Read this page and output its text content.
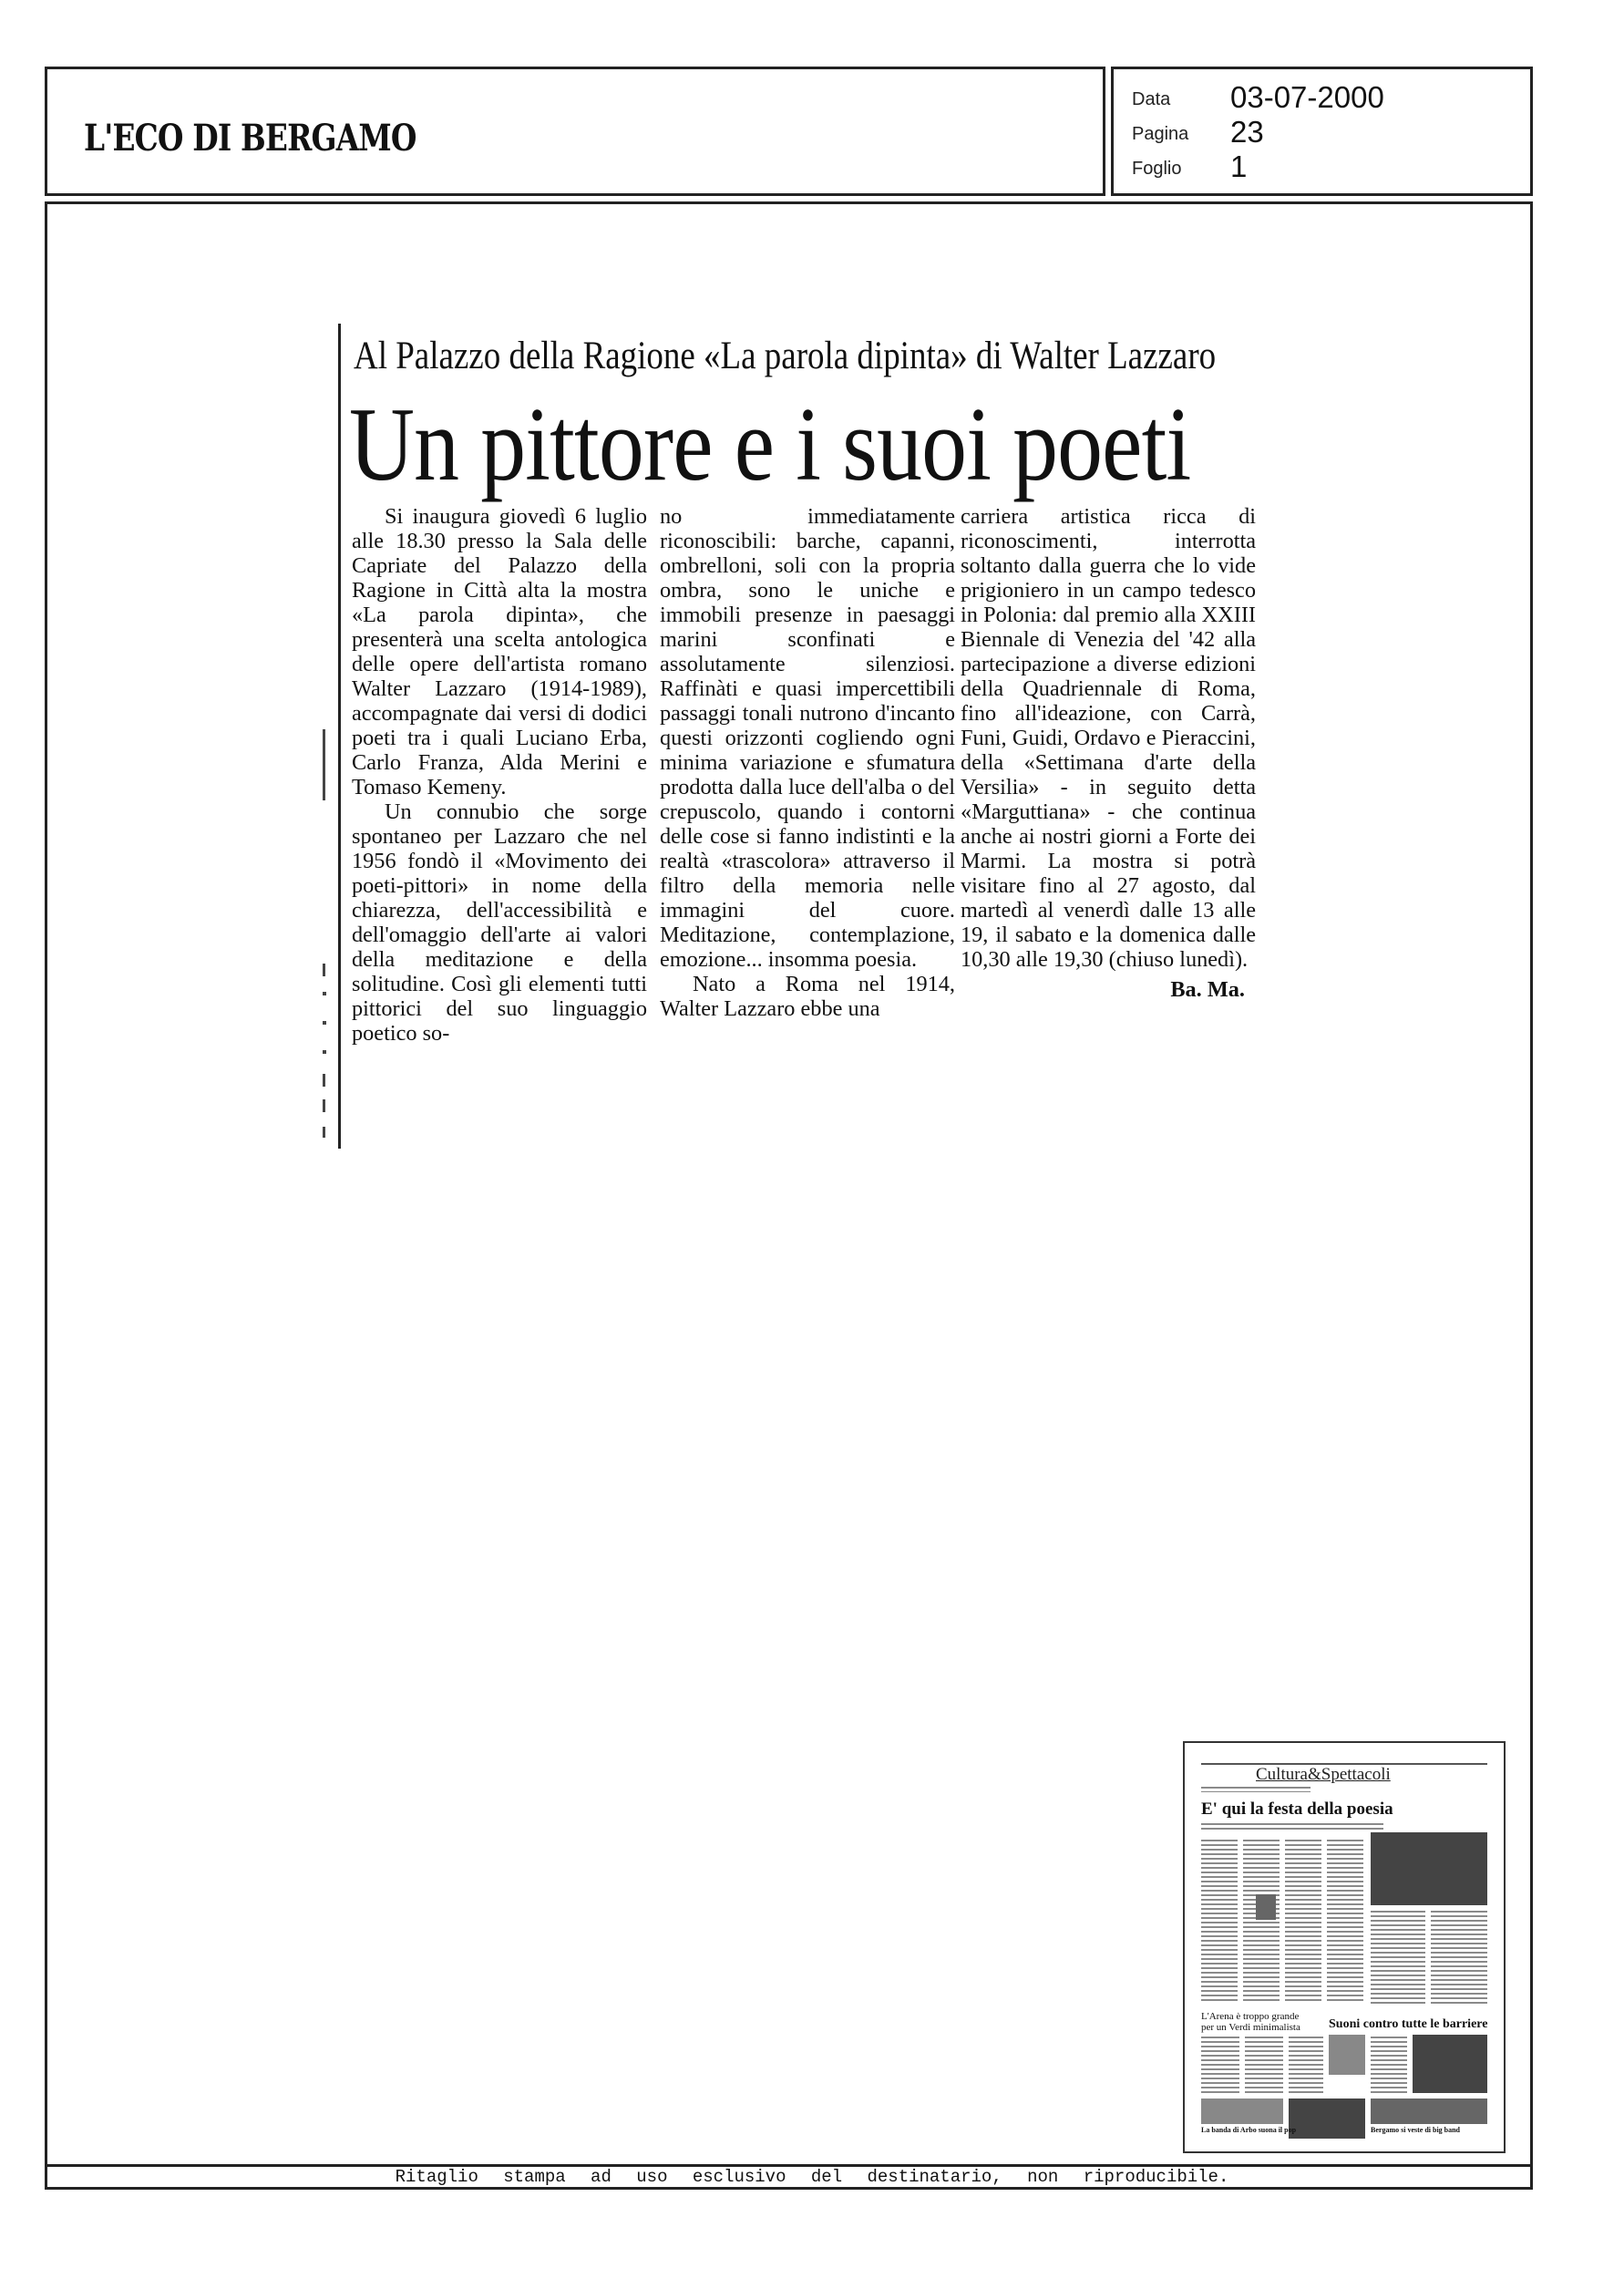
L'ECO DI BERGAMO
Data	03-07-2000
Pagina	23
Foglio	1
Al Palazzo della Ragione «La parola dipinta» di Walter Lazzaro
Un pittore e i suoi poeti

Si inaugura giovedì 6 luglio alle 18.30 presso la Sala delle Capriate del Palazzo della Ragione in Città alta la mostra «La parola dipinta», che presenterà una scelta antologica delle opere dell'artista romano Walter Lazzaro (1914-1989), accompagnate dai versi di dodici poeti tra i quali Luciano Erba, Carlo Franza, Alda Merini e Tomaso Kemeny.

Un connubio che sorge spontaneo per Lazzaro che nel 1956 fondò il «Movimento dei poeti-pittori» in nome della chiarezza, dell'accessibilità e dell'omaggio dell'arte ai valori della meditazione e della solitudine. Così gli elementi tutti pittorici del suo linguaggio poetico so-

no immediatamente riconoscibili: barche, capanni, ombrelloni, soli con la propria ombra, sono le uniche e immobili presenze in paesaggi marini sconfinati e assolutamente silenziosi. Raffinàti e quasi impercettibili passaggi tonali nutrono d'incanto questi orizzonti cogliendo ogni minima variazione e sfumatura prodotta dalla luce dell'alba o del crepuscolo, quando i contorni delle cose si fanno indistinti e la realtà «trascolora» attraverso il filtro della memoria nelle immagini del cuore. Meditazione, contemplazione, emozione... insomma poesia.

Nato a Roma nel 1914, Walter Lazzaro ebbe una

carriera artistica ricca di riconoscimenti, interrotta soltanto dalla guerra che lo vide prigioniero in un campo tedesco in Polonia: dal premio alla XXIII Biennale di Venezia del '42 alla partecipazione a diverse edizioni della Quadriennale di Roma, fino all'ideazione, con Carrà, Funi, Guidi, Ordavo e Pieraccini, della «Settimana d'arte della Versilia» - in seguito detta «Marguttiana» - che continua anche ai nostri giorni a Forte dei Marmi. La mostra si potrà visitare fino al 27 agosto, dal martedì al venerdì dalle 13 alle 19, il sabato e la domenica dalle 10,30 alle 19,30 (chiuso lunedì).

Ba. Ma.

Cultura&Spettacoli
E' qui la festa della poesia
L'Arena è troppo grande
per un Verdi minimalista Suoni contro tutte le barriere
La banda di Arbo suona il pop	Bergamo si veste di big band
Ritaglio stampa ad uso esclusivo del destinatario, non riproducibile.
